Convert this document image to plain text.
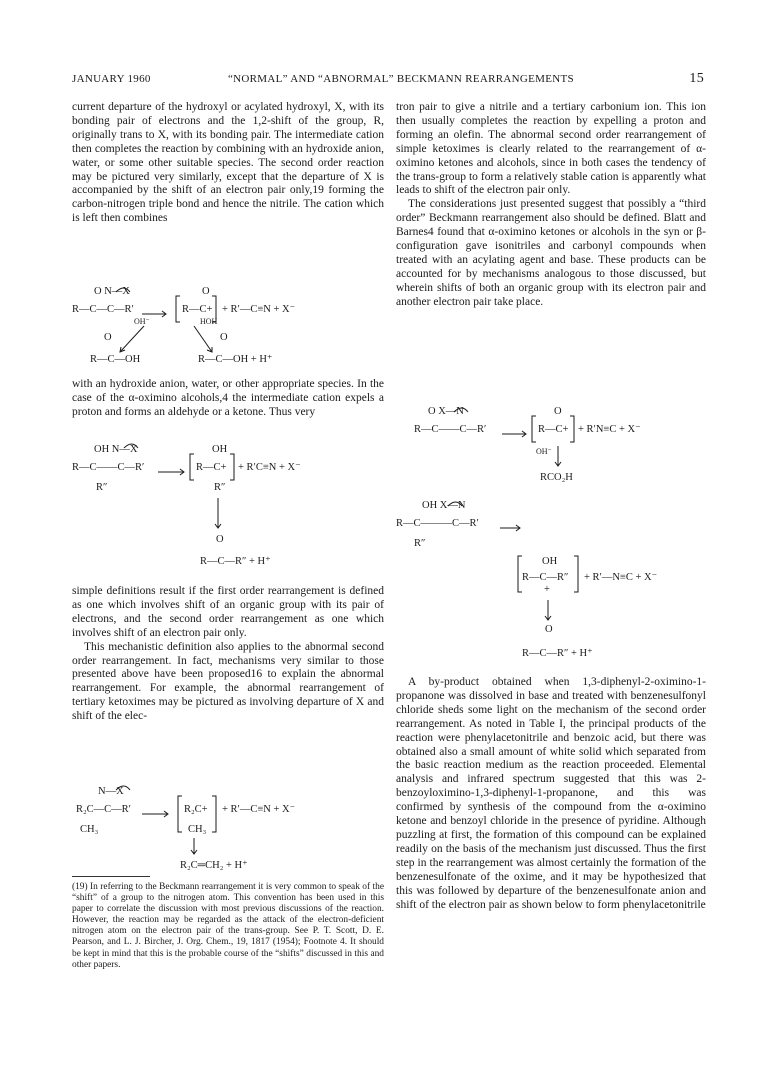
JANUARY 1960	“NORMAL” AND “ABNORMAL” BECKMANN REARRANGEMENTS	15

current departure of the hydroxyl or acylated hydroxyl, X, with its bonding pair of electrons and the 1,2-shift of the group, R, originally trans to X, with its bonding pair. The intermediate cation then completes the reaction by combining with an hydroxide anion, water, or some other suitable species. The second order reaction may be pictured very similarly, except that the departure of X is accompanied by the shift of an electron pair only,19 forming the carbon-nitrogen triple bond and hence the nitrile. The cation which is left then combines

O N—X
R—C—C—R′
O
R—C+ + R′—C≡N + X⁻
OH⁻	HOH
O
R—C—OH
O
R—C—OH + H⁺

with an hydroxide anion, water, or other appropriate species. In the case of the α-oximino alcohols,4 the intermediate cation expels a proton and forms an aldehyde or a ketone. Thus very

OH N—X
R—C——C—R′
R″
OH
R—C+
R″
+ R′C≡N + X⁻
O
R—C—R″ + H⁺

simple definitions result if the first order rearrangement is defined as one which involves shift of an organic group with its pair of electrons, and the second order rearrangement as one which involves shift of an electron pair only.

This mechanistic definition also applies to the abnormal second order rearrangement. In fact, mechanisms very similar to those presented above have been proposed16 to explain the abnormal rearrangement. For example, the abnormal rearrangement of tertiary ketoximes may be pictured as involving departure of X and shift of the elec-

N—X
R₂C—C—R′
CH₃
R₂C+
CH₃
+ R′—C≡N + X⁻
R₂C═CH₂ + H⁺
(19) In referring to the Beckmann rearrangement it is very common to speak of the “shift” of a group to the nitrogen atom. This convention has been used in this paper to correlate the discussion with most previous discussions of the reaction. However, the reaction may be regarded as the attack of the electron-deficient nitrogen atom on the electron pair of the trans-group. See P. T. Scott, D. E. Pearson, and L. J. Bircher, J. Org. Chem., 19, 1817 (1954); Footnote 4. It should be kept in mind that this is the probable course of the “shifts” discussed in this and other papers.

tron pair to give a nitrile and a tertiary carbonium ion. This ion then usually completes the reaction by expelling a proton and forming an olefin. The abnormal second order rearrangement of simple ketoximes is clearly related to the rearrangement of α-oximino ketones and alcohols, since in both cases the tendency of the trans-group to form a relatively stable cation is apparently what leads to shift of the electron pair only.

The considerations just presented suggest that possibly a “third order” Beckmann rearrangement also should be defined. Blatt and Barnes4 found that α-oximino ketones or alcohols in the syn or β-configuration gave isonitriles and carbonyl compounds when treated with an acylating agent and base. These products can be accounted for by mechanisms analogous to those discussed, but wherein shifts of both an organic group with its electron pair and another electron pair take place.

O X—N
R—C——C—R′
O
R—C+ + R′N≡C + X⁻
OH⁻
RCO₂H
OH X—N
R—C———C—R′
R″
OH
R—C—R″
+
+ R′—N≡C + X⁻
O
R—C—R″ + H⁺

A by-product obtained when 1,3-diphenyl-2-oximino-1-propanone was dissolved in base and treated with benzenesulfonyl chloride sheds some light on the mechanism of the second order rearrangement. As noted in Table I, the principal products of the reaction were phenylacetonitrile and benzoic acid, but there was obtained also a small amount of white solid which separated from the basic reaction medium as the reaction proceeded. Elemental analysis and infrared spectrum suggested that this was 2-benzoyloximino-1,3-diphenyl-1-propanone, and this was confirmed by synthesis of the compound from the α-oximino ketone and benzoyl chloride in the presence of pyridine. Although puzzling at first, the formation of this compound can be explained readily on the basis of the mechanism just discussed. Thus the first step in the rearrangement was almost certainly the formation of the benzenesulfonate of the oxime, and it may be hypothesized that this was followed by departure of the benzenesulfonate anion and shift of the electron pair as shown below to form phenylacetonitrile
